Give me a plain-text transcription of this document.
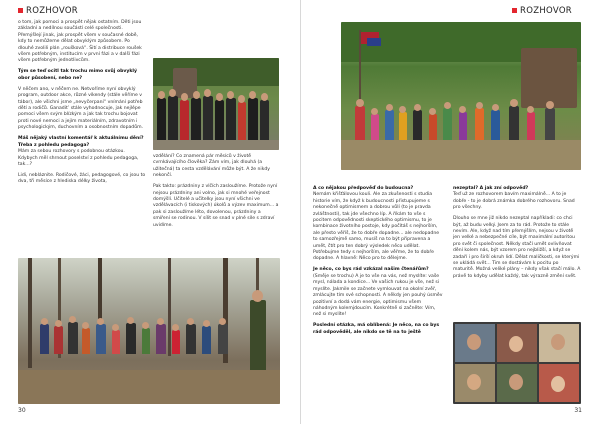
ROZHOVOR

o tom, jak pomoci a prospět nějak ostatním. Děti jsou základní a nedílnou součástí celé společnosti. Přemýšlejí jinak, jak prospět všem v současné době, kdy to nemůžeme dělat obvyklým způsobem. Po dlouhé zvolili plán „roušková“. Šití a distribuce roušek všem potřebným, institucím v první fázi a v další fázi všem potřebným jednotlivcům.

Tým se teď ocitl tak trochu mimo svůj obvyklý obor působení, nebo ne?

V něčem ano, v něčem ne. Netvoříme nyní obvyklý program, outdoor akce, různé víkendy (stále věříme v tábor), ale všichni jsme „nevyčerpaní“ vnímání potřeb dětí a rodičů. Ganadit’ stále vyhodnocuje, jak nejlépe pomoci všem svým blízkým a jak tak trochu bojovat proti nové nemoci a jejím materiálním, zdravotním i psychologickým, duchovním a osobnostním dopadům.

Máš nějaký vlastní komentář k aktuálnímu dění? Třeba z pohledu pedagoga?

Mám za sebou rozhovory s podobnou otázkou. Kdybych měl shrnout poselství z pohledu pedagoga, tak...?

Lidi, nebláznite. Rodičové, žáci, pedagogové, co jsou to dva, tři měsíce z hlediska délky života,

vzdělání? Co znamená pár měsíců v životě cvrnkávajícího člověka? Zám vím, jak dlouhá (a užitečná) ta cesta vzdělávání může být. A že nikdy nekončí.

Pak takto: prázdniny z vlčích zasloužíme. Protože nyní nejsou prázdniny ani volno, jak si mnohé veřejnost domýšlí. Učitelé a učitelky jsou nyní všichni ve vzdělávacích (i tiskových) úkolů a výzev maximum... a pak si zasloužíme léto, dovolenou, prázdniny a smíření se rodinou. V sílit se snad v plné síle s zdraví uvidíme.

30
ROZHOVOR

A co nějakou předpověď do budoucna?

Nemám křišťálovou kouli. Ale za zkušenosti s studia historie vím, že když k budoucnosti přistupujeme s nekonečně optimismem a dobrou vůlí (to je pravda zvláštnosti), tak jde všechno líp. A říkám to vše s pocitem odpovědnosti skeptického optimismu, to je kombinace životního postoje, kdy počítáš s nejhorším, ale přesto věříš, že to dobře dopadne... ale nedopadne to samozřejmě samo, musíš na to být připravena a umět, čtít pro ten dobrý výsledek něco udělat. Potřebujme tedy s nejhorším, ale věřme, že to dobře dopadne. A hlavně: Něco pro to dělejme.

Je něco, co bys rád vzkázal našim čtenářům?

(Směje se trochu) A je to vše na vás, než myslíte: vaše mysl, nálada a kondice... Ve vašich rukou je vše, než si myslíte. Jakmile se začnete vymlouvat na okolní zvěř, zmlácujte tím své schopnosti. A někdy jen pouhý úsměv pozitivní a dodá vám energie, optimismu všem náhodným kolemjdoucím. Konkrétně si začněte: Vím, než si myslíte!

Poslední otázka, má oblíbená: Je něco, na co bys rád odpověděl, ale nikdo se tě na to ještě

nezeptal? A jak zní odpověď?

Teď už ze rozhovorem bavím maximálně... A to je dobře - to je dobrá známka dobrého rozhovoru. Snad pro všechny.

Dlouho se mne již nikdo nezeptal napříkladi: co chci být, až budu velký. Jsem za to rád. Protože to stále nevím. Ale, když nad tím přemýšlím, nejsou v životě jen velké a nebezpečné cíle, být maximální autoritou pro svět či společnost. Někdy stačí umět ovlivňovat dění kolem nás, být vzorem pro nejbližší, a když se zadaří i pro širší okruh lidí. Dělat maličkosti, se kterými se ukládá svět... Tim se dostávám k pocitu po maturitě. Možná veliké plány – nikdy však stačí málo. A právě to kdyby udělat každý, tak výrazně změní svět.

31
